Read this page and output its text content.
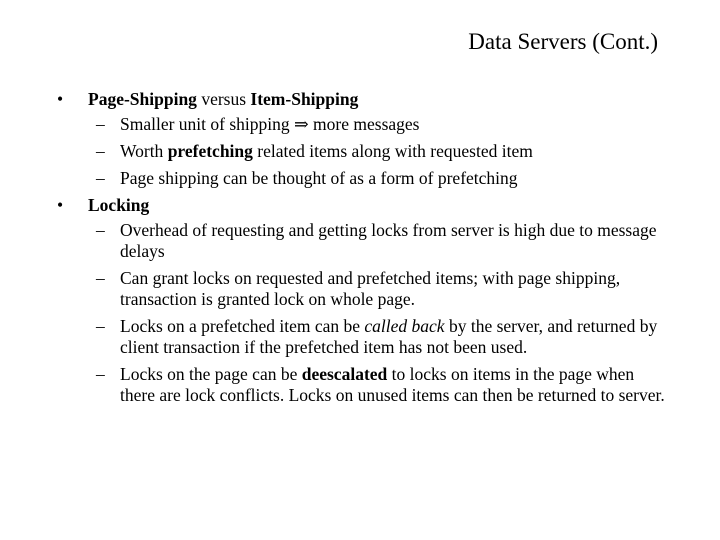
Data Servers (Cont.)
•	Page-Shipping versus Item-Shipping
– Smaller unit of shipping ⇒ more messages
– Worth prefetching related items along with requested item
– Page shipping can be thought of as a form of prefetching
•	Locking
– Overhead of requesting and getting locks from server is high due to message delays
– Can grant locks on requested and prefetched items; with page shipping, transaction is granted lock on whole page.
– Locks on a prefetched item can be called back by the server, and returned by client transaction if the prefetched item has not been used.
– Locks on the page can be deescalated to locks on items in the page when there are lock conflicts. Locks on unused items can then be returned to server.
